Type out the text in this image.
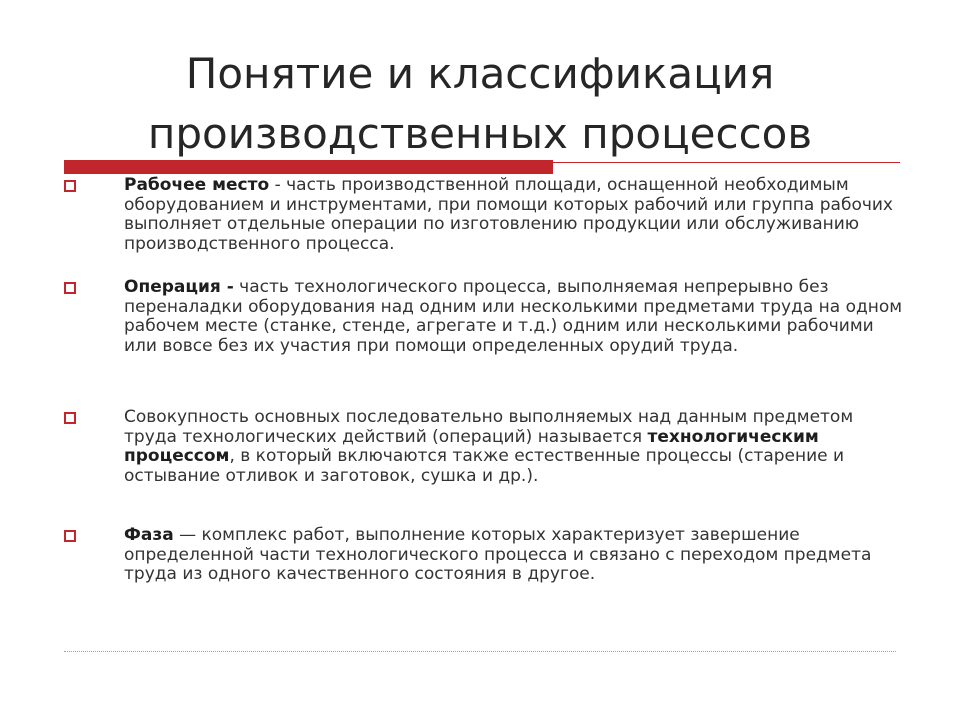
Понятие и классификация
производственных процессов
Рабочее место - часть производственной площади, оснащенной необходимым оборудованием и инструментами, при помощи которых рабочий или группа рабочих выполняет отдельные операции по изготовлению продукции или обслуживанию производственного процесса.
Операция - часть технологического процесса, выполняемая непрерывно без переналадки оборудования над одним или несколькими предметами труда на одном рабочем месте (станке, стенде, агрегате и т.д.) одним или несколькими рабочими или вовсе без их участия при помощи определенных орудий труда.
Совокупность основных последовательно выполняемых над данным предметом труда технологических действий (операций) называется технологическим процессом, в который включаются также естественные процессы (старение и остывание отливок и заготовок, сушка и др.).
Фаза — комплекс работ, выполнение которых характеризует завершение определенной части технологического процесса и связано с переходом предмета труда из одного качественного состояния в другое.
